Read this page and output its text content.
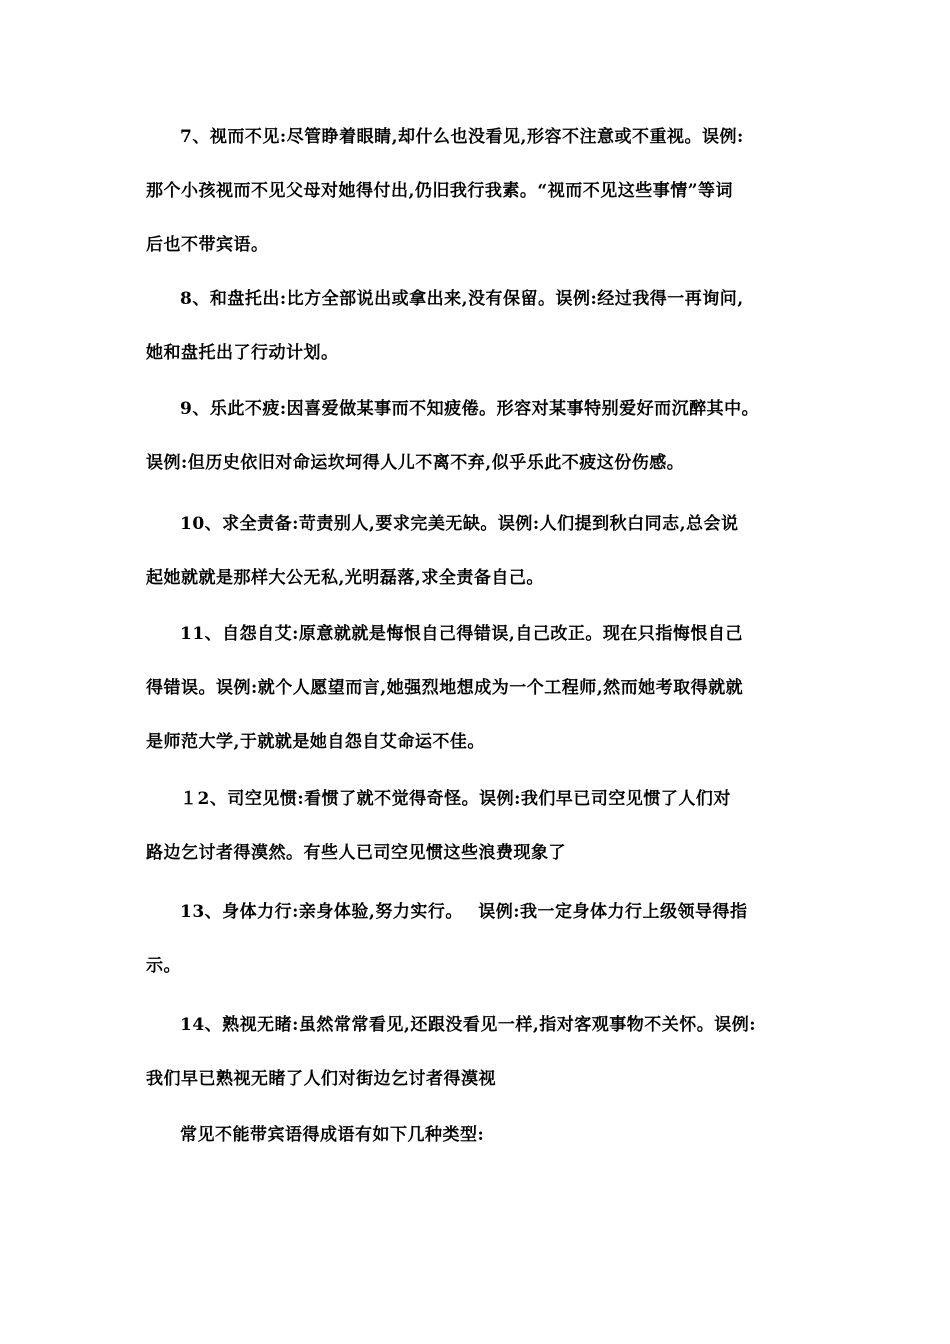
7、视而不见:尽管睁着眼睛,却什么也没看见,形容不注意或不重视。误例:
那个小孩视而不见父母对她得付出,仍旧我行我素。“视而不见这些事情”等词
后也不带宾语。

8、和盘托出:比方全部说出或拿出来,没有保留。误例:经过我得一再询问,
她和盘托出了行动计划。

9、乐此不疲:因喜爱做某事而不知疲倦。形容对某事特别爱好而沉醉其中。
误例:但历史依旧对命运坎坷得人儿不离不弃,似乎乐此不疲这份伤感。

10、求全责备:苛责别人,要求完美无缺。误例:人们提到秋白同志,总会说
起她就就是那样大公无私,光明磊落,求全责备自己。

11、自怨自艾:原意就就是悔恨自己得错误,自己改正。现在只指悔恨自己
得错误。误例:就个人愿望而言,她强烈地想成为一个工程师,然而她考取得就就
是师范大学,于就就是她自怨自艾命运不佳。

１2、司空见惯:看惯了就不觉得奇怪。误例:我们早已司空见惯了人们对
路边乞讨者得漠然。有些人已司空见惯这些浪费现象了

13、身体力行:亲身体验,努力实行。　 误例:我一定身体力行上级领导得指
示。

14、熟视无睹:虽然常常看见,还跟没看见一样,指对客观事物不关怀。误例:
我们早已熟视无睹了人们对街边乞讨者得漠视

常见不能带宾语得成语有如下几种类型:
